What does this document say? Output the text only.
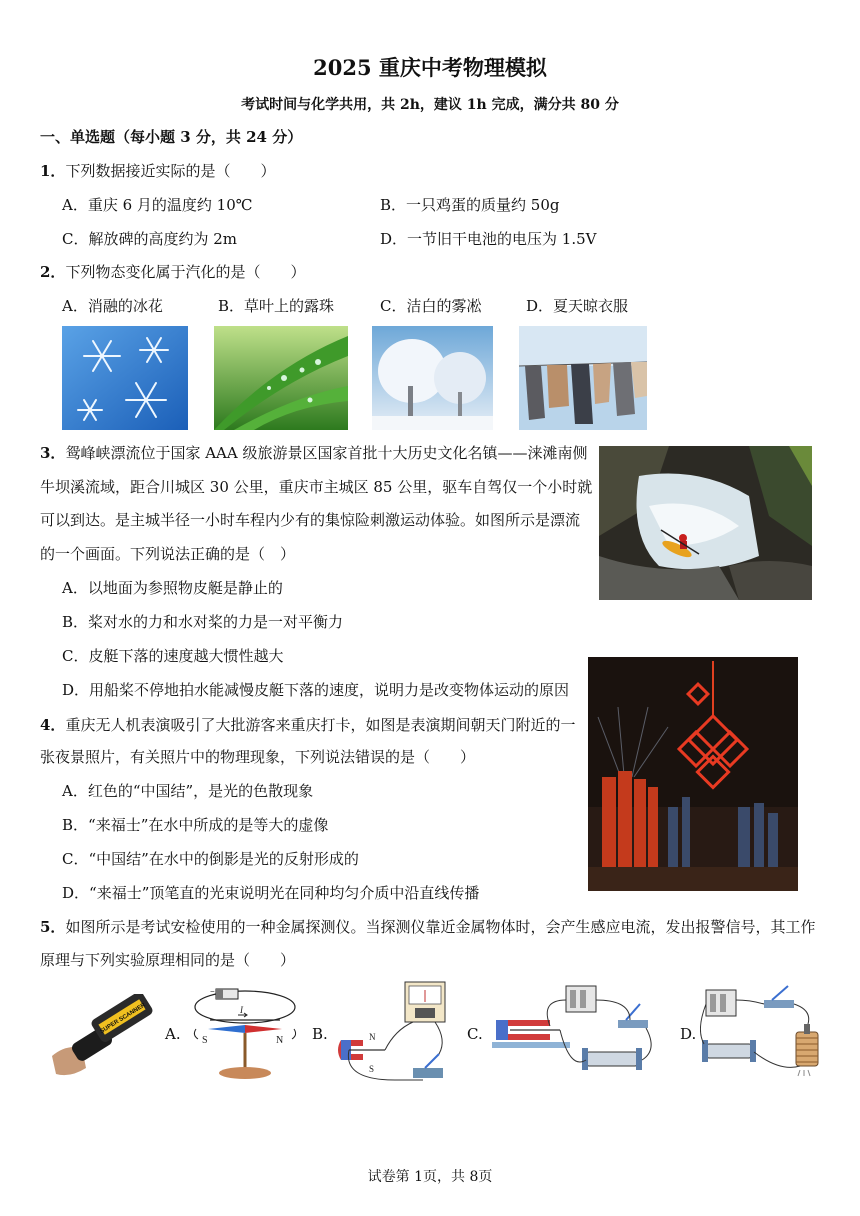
2025 重庆中考物理模拟
考试时间与化学共用，共 2h，建议 1h 完成，满分共 80 分
一、单选题（每小题 3 分，共 24 分）
1．下列数据接近实际的是（　　）
A．重庆 6 月的温度约 10℃	B．一只鸡蛋的质量约 50g
C．解放碑的高度约为 2m	D．一节旧干电池的电压为 1.5V
2．下列物态变化属于汽化的是（　　）
A．消融的冰花	B．草叶上的露珠	C．洁白的雾凇	D．夏天晾衣服
3．鸳峰峡漂流位于国家 AAA 级旅游景区国家首批十大历史文化名镇——涞滩南侧
牛坝溪流域，距合川城区 30 公里，重庆市主城区 85 公里，驱车自驾仅一个小时就
可以到达。是主城半径一小时车程内少有的集惊险刺激运动体验。如图所示是漂流
的一个画面。下列说法正确的是（　）
A．以地面为参照物皮艇是静止的
B．桨对水的力和水对桨的力是一对平衡力
C．皮艇下落的速度越大惯性越大
D．用船桨不停地拍水能减慢皮艇下落的速度，说明力是改变物体运动的原因
4．重庆无人机表演吸引了大批游客来重庆打卡，如图是表演期间朝天门附近的一
张夜景照片，有关照片中的物理现象，下列说法错误的是（　　）
A．红色的“中国结”，是光的色散现象
B．“来福士”在水中所成的是等大的虚像
C．“中国结”在水中的倒影是光的反射形成的
D．“来福士”顶笔直的光束说明光在同种均匀介质中沿直线传播
5．如图所示是考试安检使用的一种金属探测仪。当探测仪靠近金属物体时，会产生感应电流，发出报警信号，其工作
原理与下列实验原理相同的是（　　）
SUPER SCANNER A.
−
I
S	N B.	N
S
C.	D.
试卷第 1页，共 8页
